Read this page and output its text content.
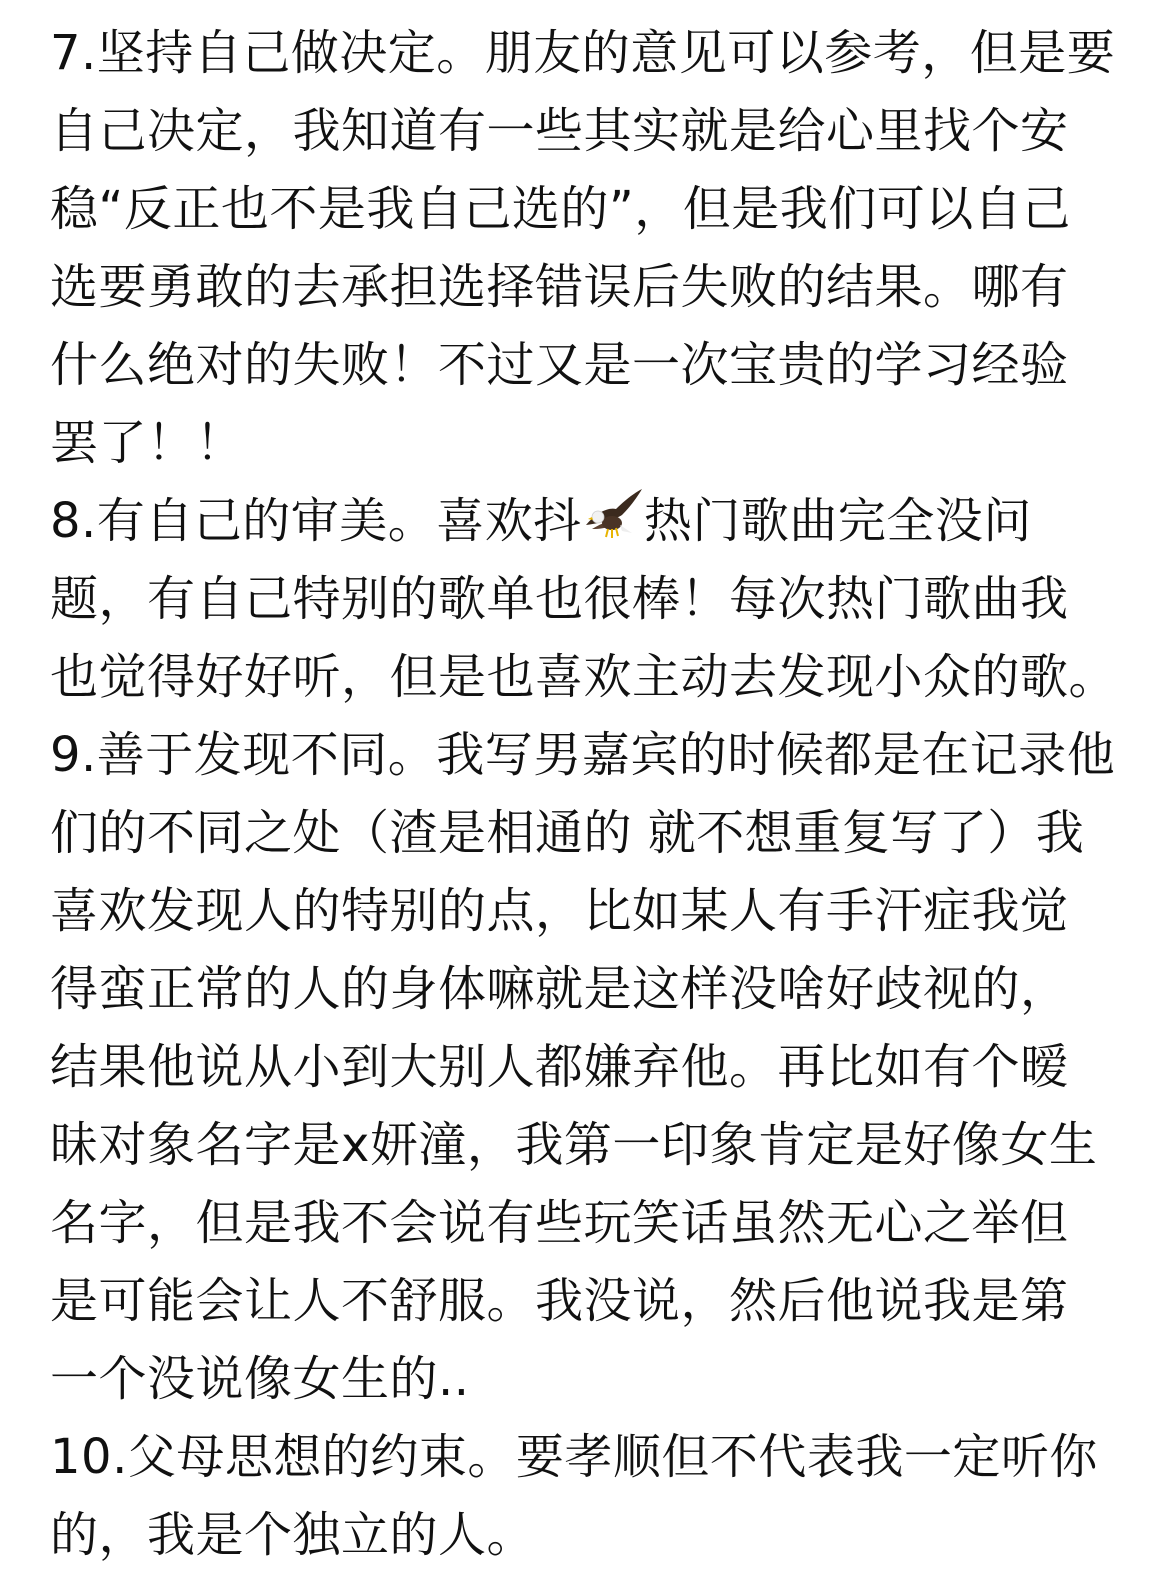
7.坚持自己做决定。朋友的意见可以参考，但是要
自己决定，我知道有一些其实就是给心里找个安
稳“反正也不是我自己选的”，但是我们可以自己
选要勇敢的去承担选择错误后失败的结果。哪有
什么绝对的失败！不过又是一次宝贵的学习经验
罢了！！
8.有自己的审美。喜欢抖 热门歌曲完全没问
题，有自己特别的歌单也很棒！每次热门歌曲我
也觉得好好听，但是也喜欢主动去发现小众的歌。
9.善于发现不同。我写男嘉宾的时候都是在记录他
们的不同之处（渣是相通的 就不想重复写了）我
喜欢发现人的特别的点，比如某人有手汗症我觉
得蛮正常的人的身体嘛就是这样没啥好歧视的，
结果他说从小到大别人都嫌弃他。再比如有个暧
昧对象名字是x妍潼，我第一印象肯定是好像女生
名字，但是我不会说有些玩笑话虽然无心之举但
是可能会让人不舒服。我没说，然后他说我是第
一个没说像女生的..
10.父母思想的约束。要孝顺但不代表我一定听你
的，我是个独立的人。
